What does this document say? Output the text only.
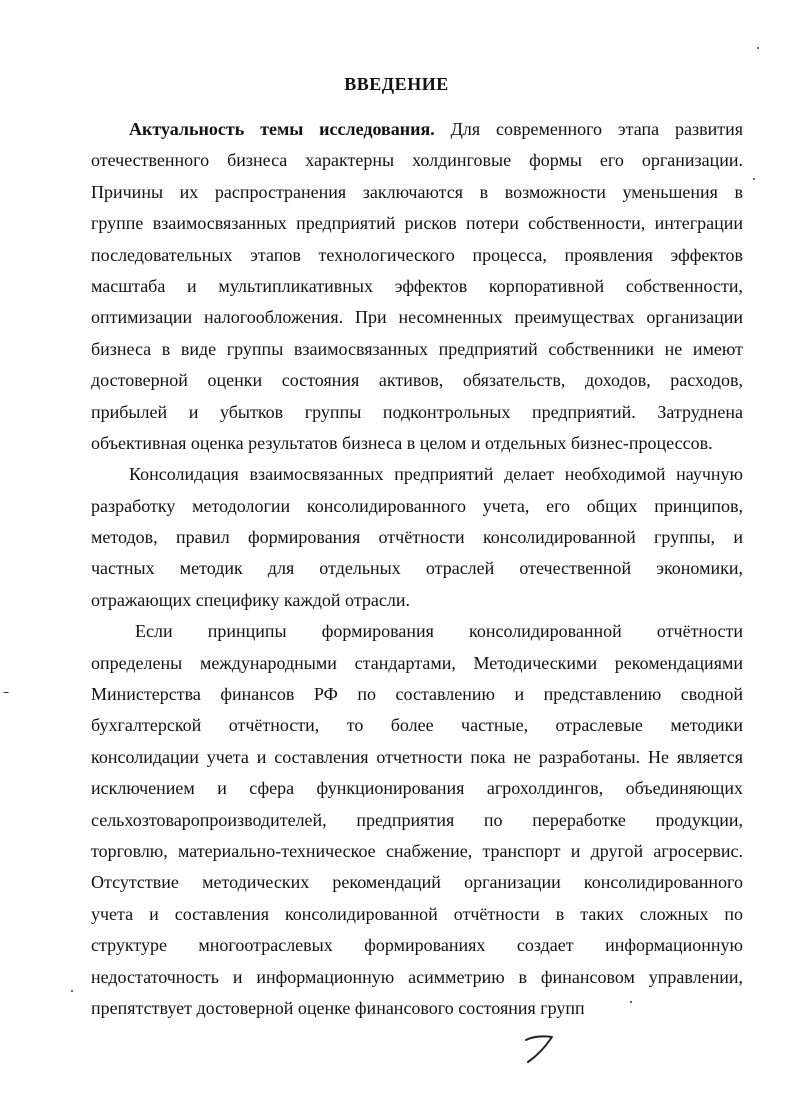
ВВЕДЕНИЕ
Актуальность темы исследования. Для современного этапа развития
отечественного бизнеса характерны холдинговые формы его организации.
Причины их распространения заключаются в возможности уменьшения в
группе взаимосвязанных предприятий рисков потери собственности, интеграции
последовательных этапов технологического процесса, проявления эффектов
масштаба и мультипликативных эффектов корпоративной собственности,
оптимизации налогообложения. При несомненных преимуществах организации
бизнеса в виде группы взаимосвязанных предприятий собственники не имеют
достоверной оценки состояния активов, обязательств, доходов, расходов,
прибылей и убытков группы подконтрольных предприятий. Затруднена
объективная оценка результатов бизнеса в целом и отдельных бизнес-процессов.
Консолидация взаимосвязанных предприятий делает необходимой научную
разработку методологии консолидированного учета, его общих принципов,
методов, правил формирования отчётности консолидированной группы, и
частных методик для отдельных отраслей отечественной экономики,
отражающих специфику каждой отрасли.
Если принципы формирования консолидированной отчётности
определены международными стандартами, Методическими рекомендациями
Министерства финансов РФ по составлению и представлению сводной
бухгалтерской отчётности, то более частные, отраслевые методики
консолидации учета и составления отчетности пока не разработаны. Не является
исключением и сфера функционирования агрохолдингов, объединяющих
сельхозтоваропроизводителей, предприятия по переработке продукции,
торговлю, материально-техническое снабжение, транспорт и другой агросервис.
Отсутствие методических рекомендаций организации консолидированного
учета и составления консолидированной отчётности в таких сложных по
структуре многоотраслевых формированиях создает информационную
недостаточность и информационную асимметрию в финансовом управлении,
препятствует достоверной оценке финансового состояния групп
7
